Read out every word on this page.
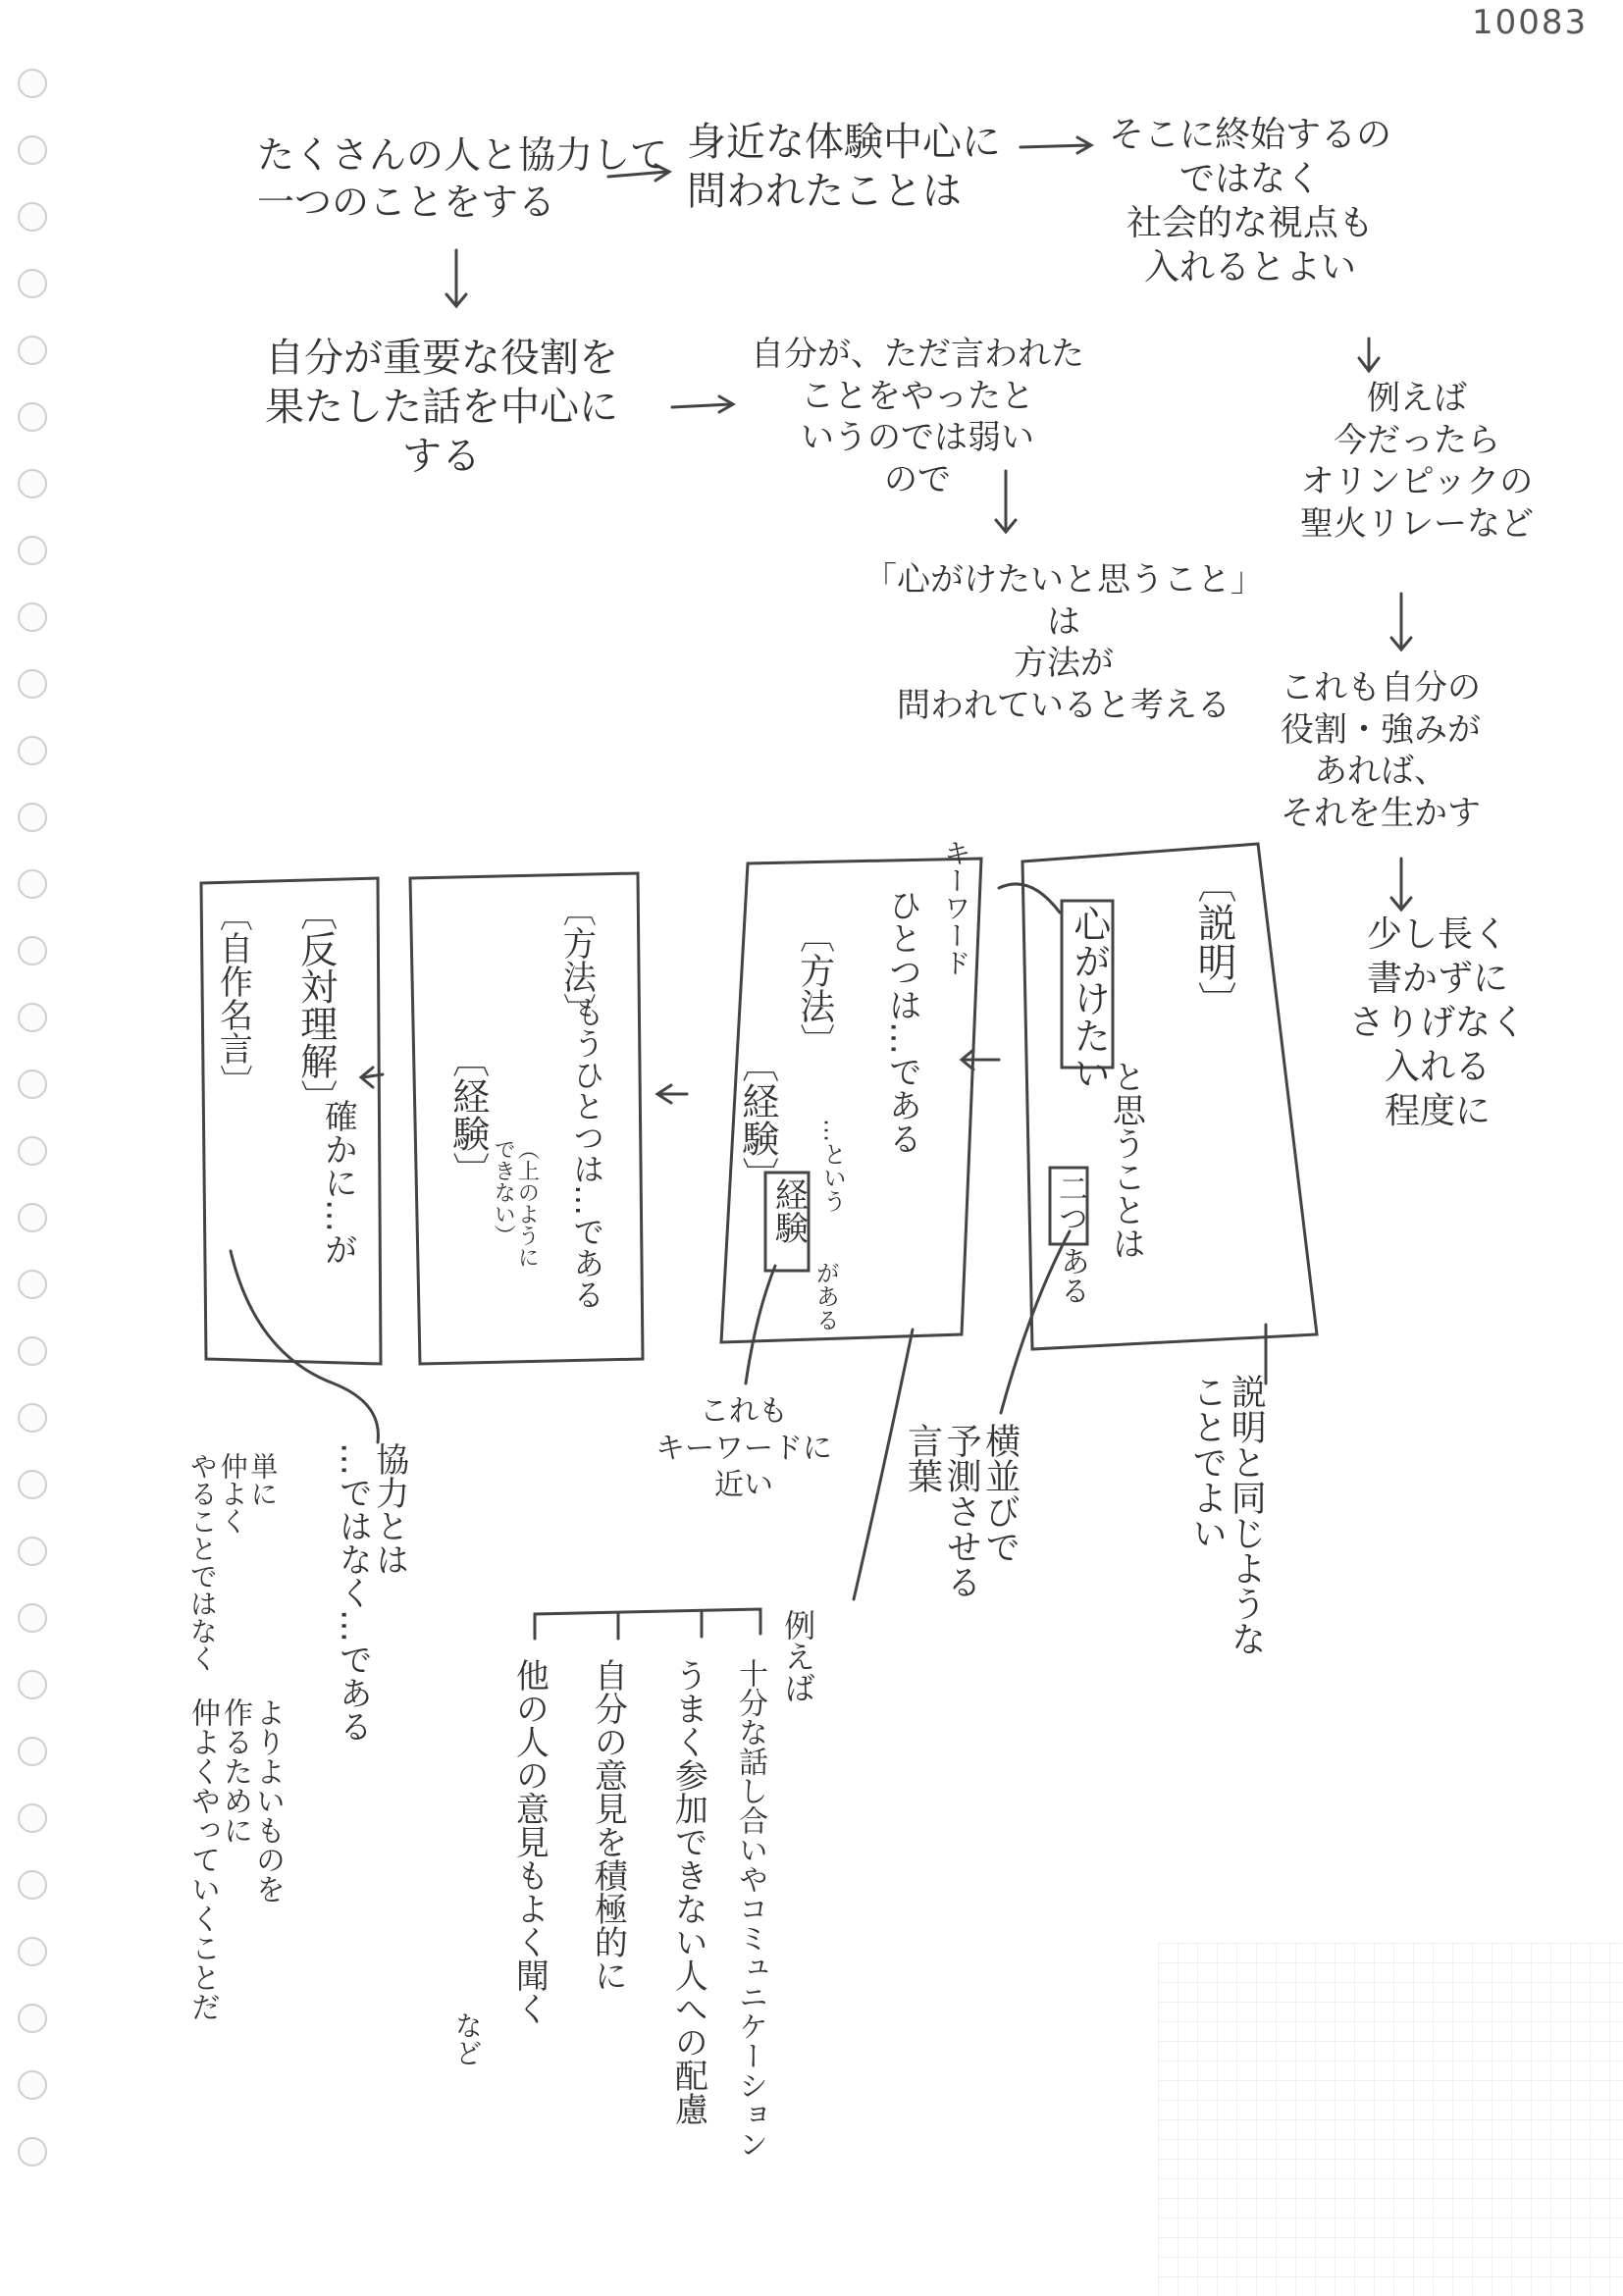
10083
たくさんの人と協力して
一つのことをする
身近な体験中心に
問われたことは
そこに終始するの
ではなく
社会的な視点も
入れるとよい
自分が重要な役割を
果たした話を中心に
する
自分が、ただ言われた
ことをやったと
いうのでは弱い
ので
「心がけたいと思うこと」
は
方法が
問われていると考える
例えば
今だったら
オリンピックの
聖火リレーなど
これも自分の
役割・強みが
あれば、
それを生かす
少し長く
書かずに
さりげなく
入れる
程度に
キーワード	〔説明〕
心がけたい
と思うことは
二つ
ある
ひとつは…である
〔方法〕
〔経験〕 …という
経験
がある
〔方法〕
もうひとつは…である
〔経験〕
（上のように
できない）
〔自作名言〕 〔反対理解〕
確かに…が
これも
キーワードに
近い	横並びで
予測させる
言葉	説明と同じような
ことでよい
協力とは
…ではなく…である
単に
仲よく
やることではなく
よりよいものを
作るために
仲よくやっていくことだ
例えば
十分な話し合いやコミュニケーション
うまく参加できない人への配慮
自分の意見を積極的に
他の人の意見もよく聞く
など
